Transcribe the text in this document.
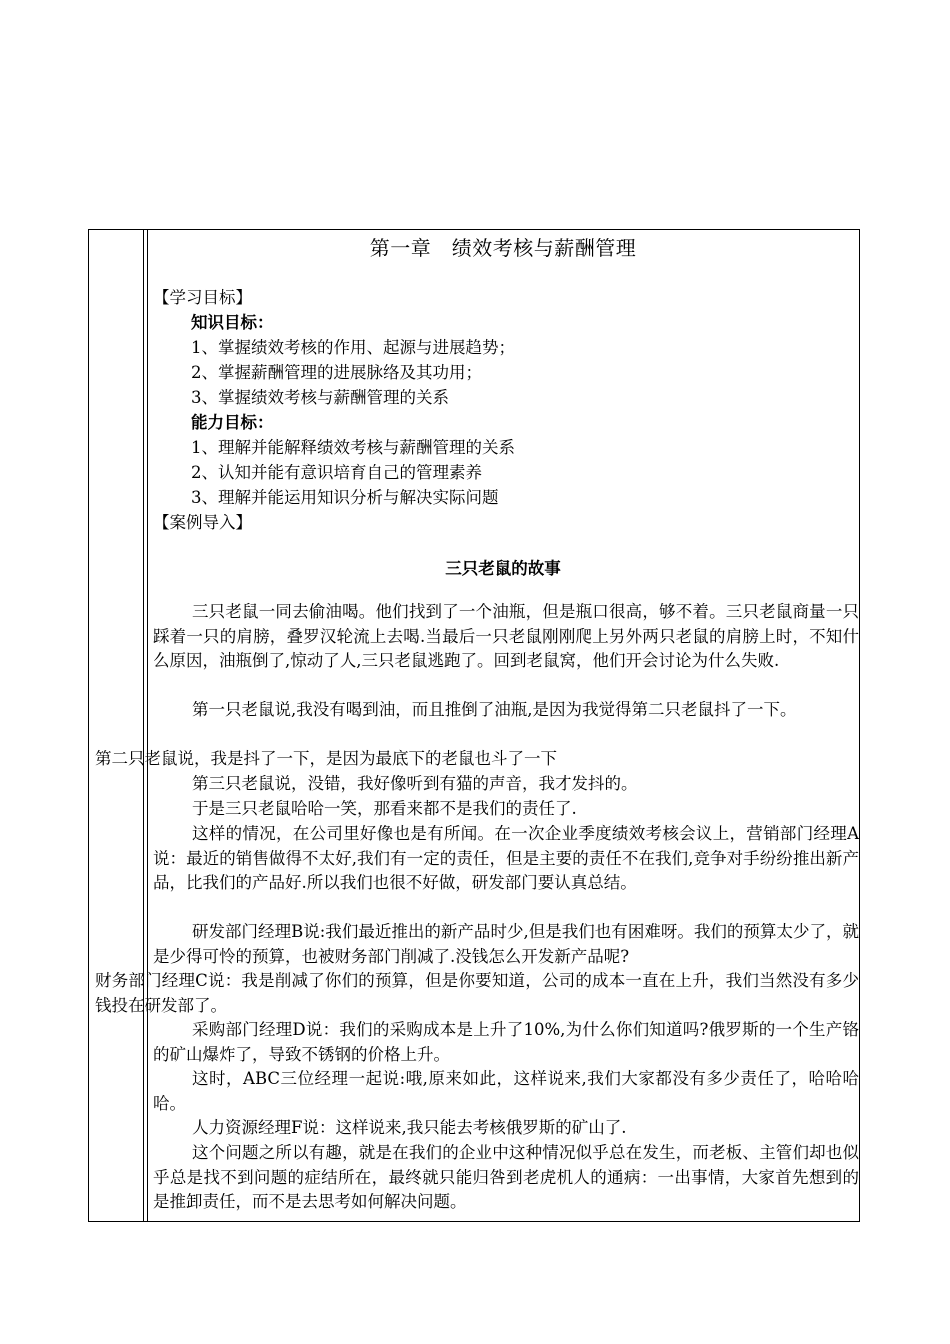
第一章　绩效考核与薪酬管理
【学习目标】
知识目标：
1、掌握绩效考核的作用、起源与进展趋势；
2、掌握薪酬管理的进展脉络及其功用；
3、掌握绩效考核与薪酬管理的关系
能力目标：
1、理解并能解释绩效考核与薪酬管理的关系
2、认知并能有意识培育自己的管理素养
3、理解并能运用知识分析与解决实际问题
【案例导入】
三只老鼠的故事
三只老鼠一同去偷油喝。他们找到了一个油瓶，但是瓶口很高，够不着。三只老鼠商量一只踩着一只的肩膀，叠罗汉轮流上去喝.当最后一只老鼠刚刚爬上另外两只老鼠的肩膀上时，不知什么原因，油瓶倒了,惊动了人,三只老鼠逃跑了。回到老鼠窝，他们开会讨论为什么失败.
第一只老鼠说,我没有喝到油，而且推倒了油瓶,是因为我觉得第二只老鼠抖了一下。
第二只老鼠说，我是抖了一下，是因为最底下的老鼠也斗了一下
第三只老鼠说，没错，我好像听到有猫的声音，我才发抖的。
于是三只老鼠哈哈一笑，那看来都不是我们的责任了.
这样的情况，在公司里好像也是有所闻。在一次企业季度绩效考核会议上，营销部门经理A说：最近的销售做得不太好,我们有一定的责任，但是主要的责任不在我们,竞争对手纷纷推出新产品，比我们的产品好.所以我们也很不好做，研发部门要认真总结。
研发部门经理B说:我们最近推出的新产品时少,但是我们也有困难呀。我们的预算太少了，就是少得可怜的预算，也被财务部门削减了.没钱怎么开发新产品呢?
财务部门经理C说：我是削减了你们的预算，但是你要知道，公司的成本一直在上升，我们当然没有多少钱投在研发部了。
采购部门经理D说：我们的采购成本是上升了10%,为什么你们知道吗?俄罗斯的一个生产铬的矿山爆炸了，导致不锈钢的价格上升。
这时，ABC三位经理一起说:哦,原来如此，这样说来,我们大家都没有多少责任了，哈哈哈哈。
人力资源经理F说：这样说来,我只能去考核俄罗斯的矿山了.
这个问题之所以有趣，就是在我们的企业中这种情况似乎总在发生，而老板、主管们却也似乎总是找不到问题的症结所在，最终就只能归咎到老虎机人的通病：一出事情，大家首先想到的是推卸责任，而不是去思考如何解决问题。
